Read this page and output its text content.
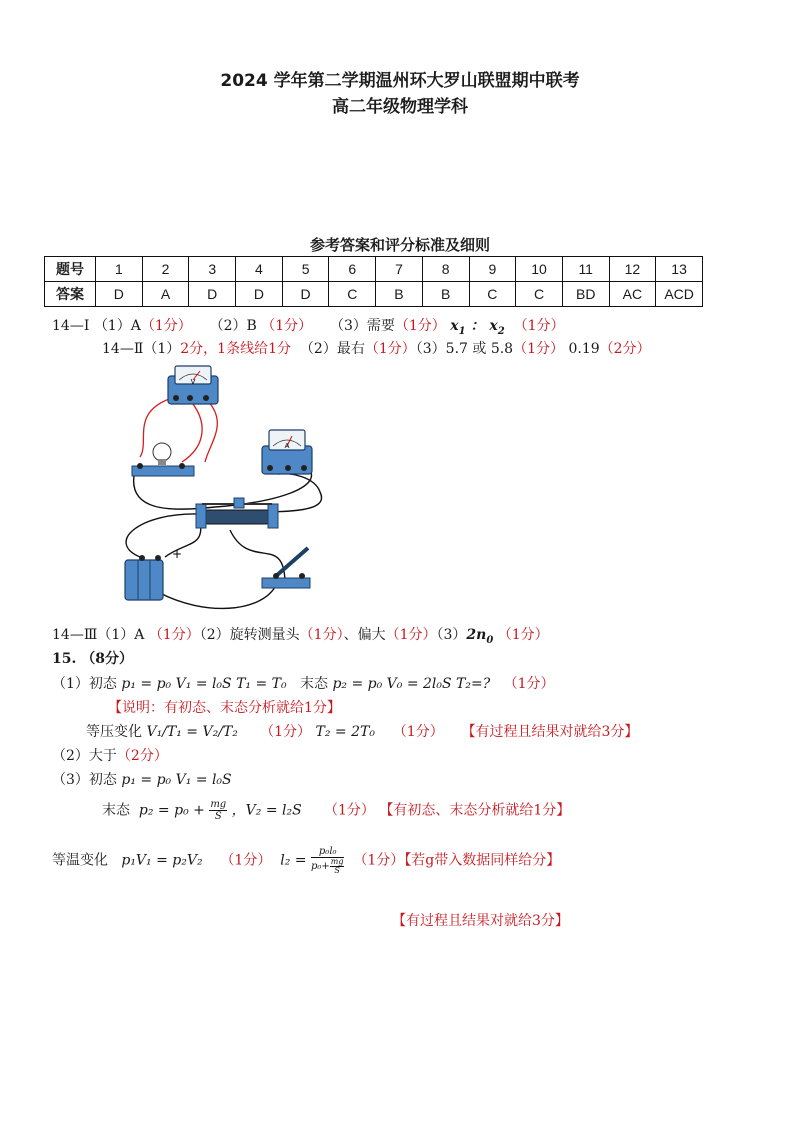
2024 学年第二学期温州环大罗山联盟期中联考
高二年级物理学科
参考答案和评分标准及细则
题号	1	2	3	4	5	6	7	8	9	10	11	12	13
答案	D	A	D	D	D	C	B	B	C	C	BD	AC	ACD
14—Ⅰ （1）A（1分） （2）B （1分） （3）需要（1分） $x_1$ ： $x_2$ （1分）
14—Ⅱ（1）2分，1条线给1分 （2）最右（1分）（3）5.7 或 5.8（1分） 0.19（2分）
V
A
+
14—Ⅲ（1）A （1分）（2）旋转测量头（1分）、偏大（1分）$(3)2n_0$ （1分）
15. （8分）
（1）初态 p₁ = p₀ V₁ = l₀S T₁ = T₀ 末态 p₂ = p₀ V₀ = 2l₀S T₂=? （1分）
【说明：有初态、末态分析就给1分】
等压变化 V₁/T₁ = V₂/T₂ （1分） T₂ = 2T₀ （1分） 【有过程且结果对就给3分】
（2）大于（2分）
（3）初态 p₁ = p₀ V₁ = l₀S
末态 $p_2 = p_0 + \frac{mg}{S}$ ，V₂ = l₂S （1分） 【有初态、末态分析就给1分】
等温变化 p₁V₁ = p₂V₂ （1分） $l_2 = \frac{\text{p₀l₀}}{p_0+ \frac{mg}{S}} (1$分）【若g带入数据同样给分】
【有过程且结果对就给3分】
